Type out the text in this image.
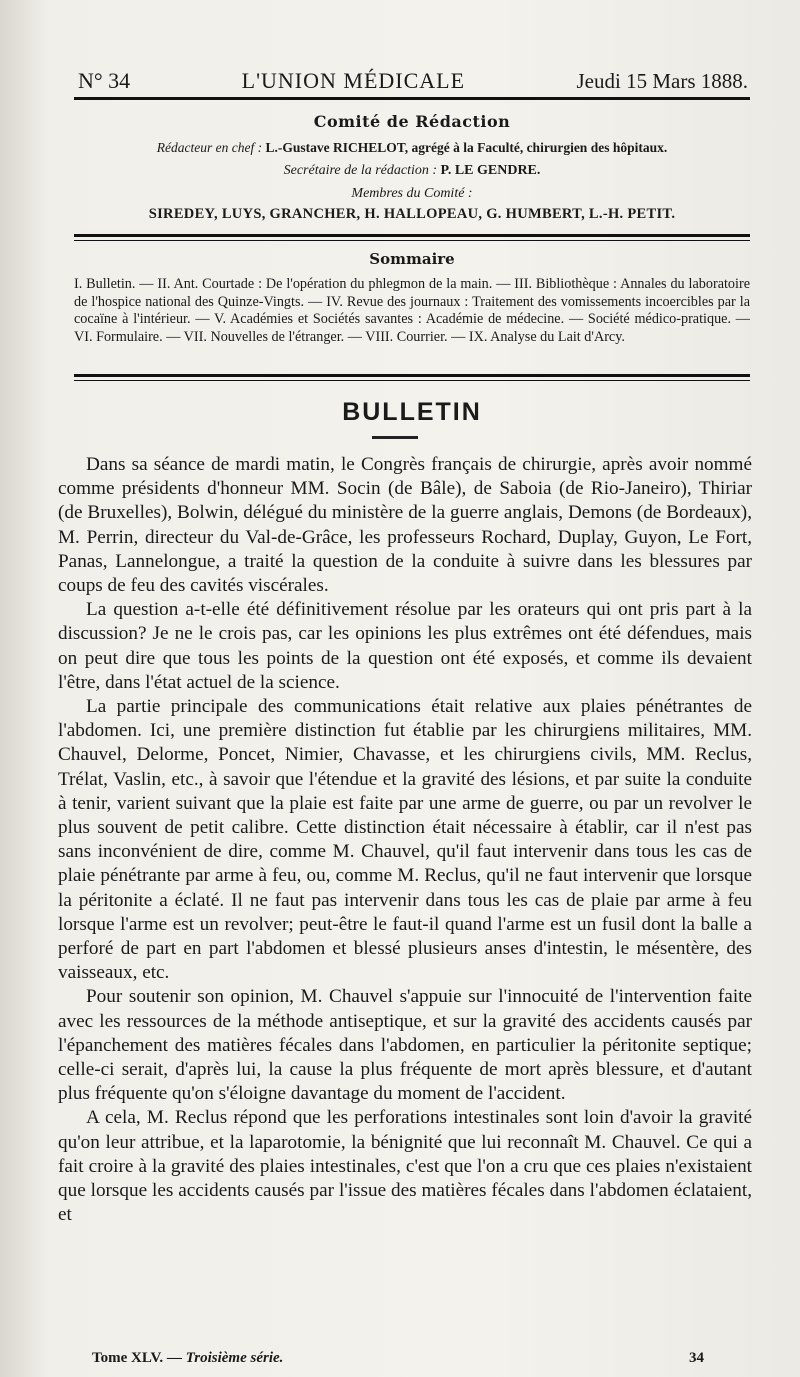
N° 34	L'UNION MÉDICALE	Jeudi 15 Mars 1888.
Comité de Rédaction
Rédacteur en chef : L.-Gustave RICHELOT, agrégé à la Faculté, chirurgien des hôpitaux.
Secrétaire de la rédaction : P. LE GENDRE.
Membres du Comité :
SIREDEY, LUYS, GRANCHER, H. HALLOPEAU, G. HUMBERT, L.-H. PETIT.
Sommaire
I. Bulletin. — II. Ant. Courtade : De l'opération du phlegmon de la main. — III. Bibliothèque : Annales du laboratoire de l'hospice national des Quinze-Vingts. — IV. Revue des journaux : Traitement des vomissements incoercibles par la cocaïne à l'intérieur. — V. Académies et Sociétés savantes : Académie de médecine. — Société médico-pratique. — VI. Formulaire. — VII. Nouvelles de l'étranger. — VIII. Courrier. — IX. Analyse du Lait d'Arcy.
BULLETIN

Dans sa séance de mardi matin, le Congrès français de chirurgie, après avoir nommé comme présidents d'honneur MM. Socin (de Bâle), de Saboia (de Rio-Janeiro), Thiriar (de Bruxelles), Bolwin, délégué du ministère de la guerre anglais, Demons (de Bordeaux), M. Perrin, directeur du Val-de-Grâce, les professeurs Rochard, Duplay, Guyon, Le Fort, Panas, Lannelongue, a traité la question de la conduite à suivre dans les blessures par coups de feu des cavités viscérales.

La question a-t-elle été définitivement résolue par les orateurs qui ont pris part à la discussion? Je ne le crois pas, car les opinions les plus extrêmes ont été défendues, mais on peut dire que tous les points de la question ont été exposés, et comme ils devaient l'être, dans l'état actuel de la science.

La partie principale des communications était relative aux plaies pénétrantes de l'abdomen. Ici, une première distinction fut établie par les chirurgiens militaires, MM. Chauvel, Delorme, Poncet, Nimier, Chavasse, et les chirurgiens civils, MM. Reclus, Trélat, Vaslin, etc., à savoir que l'étendue et la gravité des lésions, et par suite la conduite à tenir, varient suivant que la plaie est faite par une arme de guerre, ou par un revolver le plus souvent de petit calibre. Cette distinction était nécessaire à établir, car il n'est pas sans inconvénient de dire, comme M. Chauvel, qu'il faut intervenir dans tous les cas de plaie pénétrante par arme à feu, ou, comme M. Reclus, qu'il ne faut intervenir que lorsque la péritonite a éclaté. Il ne faut pas intervenir dans tous les cas de plaie par arme à feu lorsque l'arme est un revolver; peut-être le faut-il quand l'arme est un fusil dont la balle a perforé de part en part l'abdomen et blessé plusieurs anses d'intestin, le mésentère, des vaisseaux, etc.

Pour soutenir son opinion, M. Chauvel s'appuie sur l'innocuité de l'intervention faite avec les ressources de la méthode antiseptique, et sur la gravité des accidents causés par l'épanchement des matières fécales dans l'abdomen, en particulier la péritonite septique; celle-ci serait, d'après lui, la cause la plus fréquente de mort après blessure, et d'autant plus fréquente qu'on s'éloigne davantage du moment de l'accident.

A cela, M. Reclus répond que les perforations intestinales sont loin d'avoir la gravité qu'on leur attribue, et la laparotomie, la bénignité que lui reconnaît M. Chauvel. Ce qui a fait croire à la gravité des plaies intestinales, c'est que l'on a cru que ces plaies n'existaient que lorsque les accidents causés par l'issue des matières fécales dans l'abdomen éclataient, et

Tome XLV. — Troisième série.	34
